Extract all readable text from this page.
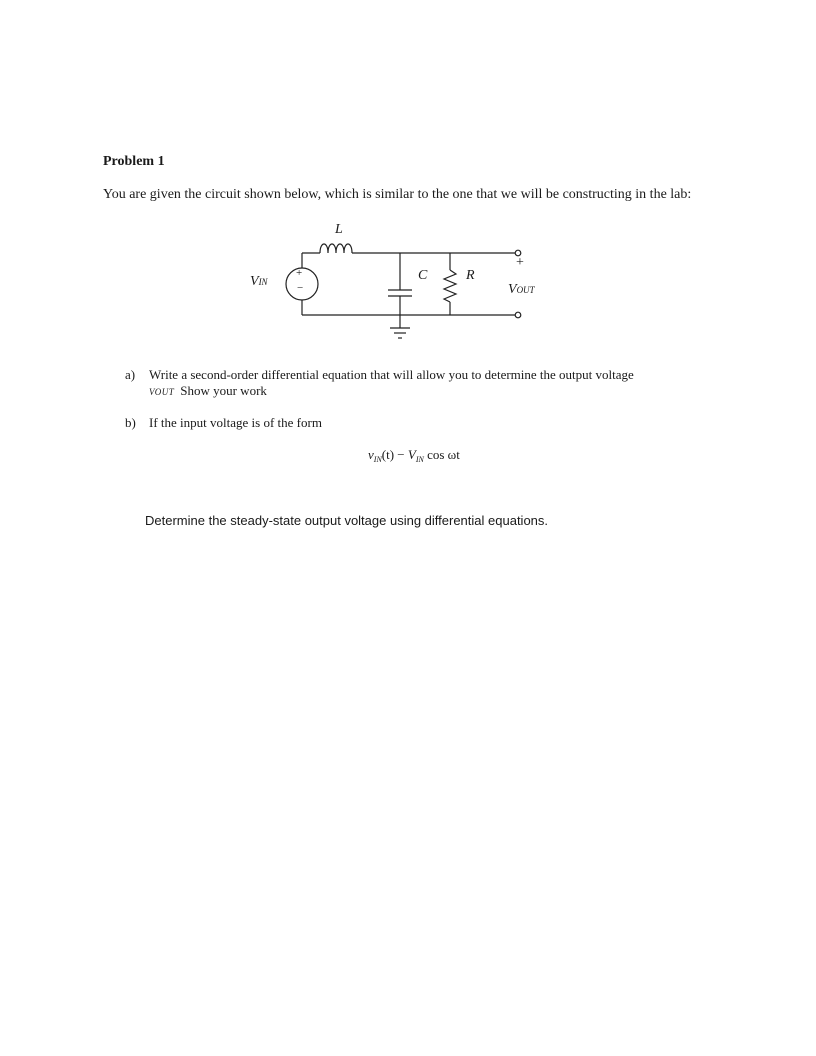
Problem 1
You are given the circuit shown below, which is similar to the one that we will be constructing in the lab:
L
C	R
+
−
VIN
+
VOUT
a) Write a second-order differential equation that will allow you to determine the output voltage
VOUT Show your work
b) If the input voltage is of the form
$v_{IN}(t) - V_{IN}$ cos ωt
Determine the steady-state output voltage using differential equations.
